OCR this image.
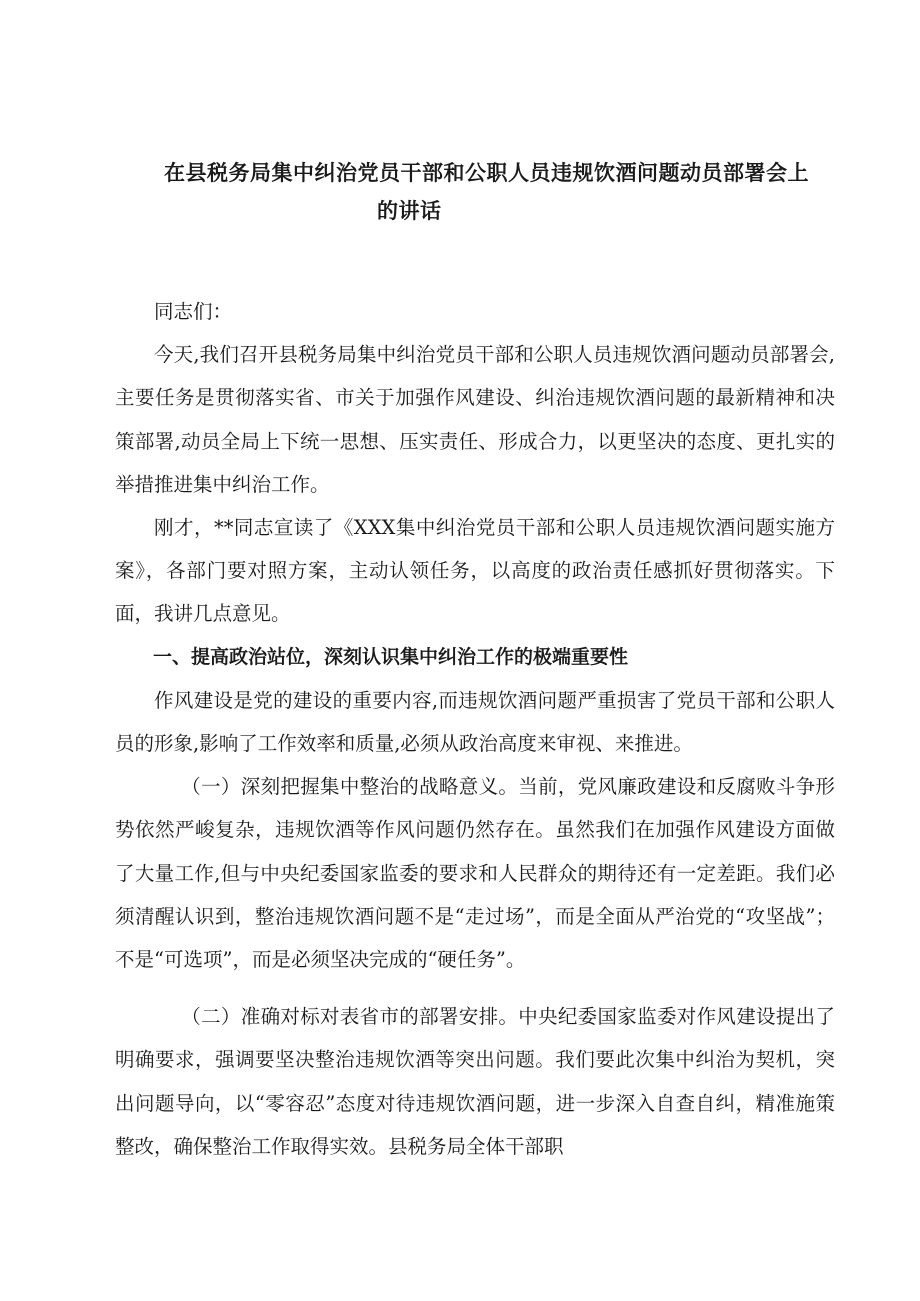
在县税务局集中纠治党员干部和公职人员违规饮酒问题动员部署会上
的讲话

同志们：

今天,我们召开县税务局集中纠治党员干部和公职人员违规饮酒问题动员部署会,主要任务是贯彻落实省、市关于加强作风建设、纠治违规饮酒问题的最新精神和决策部署,动员全局上下统一思想、压实责任、形成合力，以更坚决的态度、更扎实的举措推进集中纠治工作。

刚才，**同志宣读了《XXX集中纠治党员干部和公职人员违规饮酒问题实施方案》，各部门要对照方案，主动认领任务，以高度的政治责任感抓好贯彻落实。下面，我讲几点意见。

一、提高政治站位，深刻认识集中纠治工作的极端重要性

作风建设是党的建设的重要内容,而违规饮酒问题严重损害了党员干部和公职人员的形象,影响了工作效率和质量,必须从政治高度来审视、来推进。

（一）深刻把握集中整治的战略意义。当前，党风廉政建设和反腐败斗争形势依然严峻复杂，违规饮酒等作风问题仍然存在。虽然我们在加强作风建设方面做了大量工作,但与中央纪委国家监委的要求和人民群众的期待还有一定差距。我们必须清醒认识到，整治违规饮酒问题不是“走过场”，而是全面从严治党的“攻坚战”；不是“可选项”，而是必须坚决完成的“硬任务”。

（二）准确对标对表省市的部署安排。中央纪委国家监委对作风建设提出了明确要求，强调要坚决整治违规饮酒等突出问题。我们要此次集中纠治为契机，突出问题导向，以“零容忍”态度对待违规饮酒问题，进一步深入自查自纠，精准施策整改，确保整治工作取得实效。县税务局全体干部职
